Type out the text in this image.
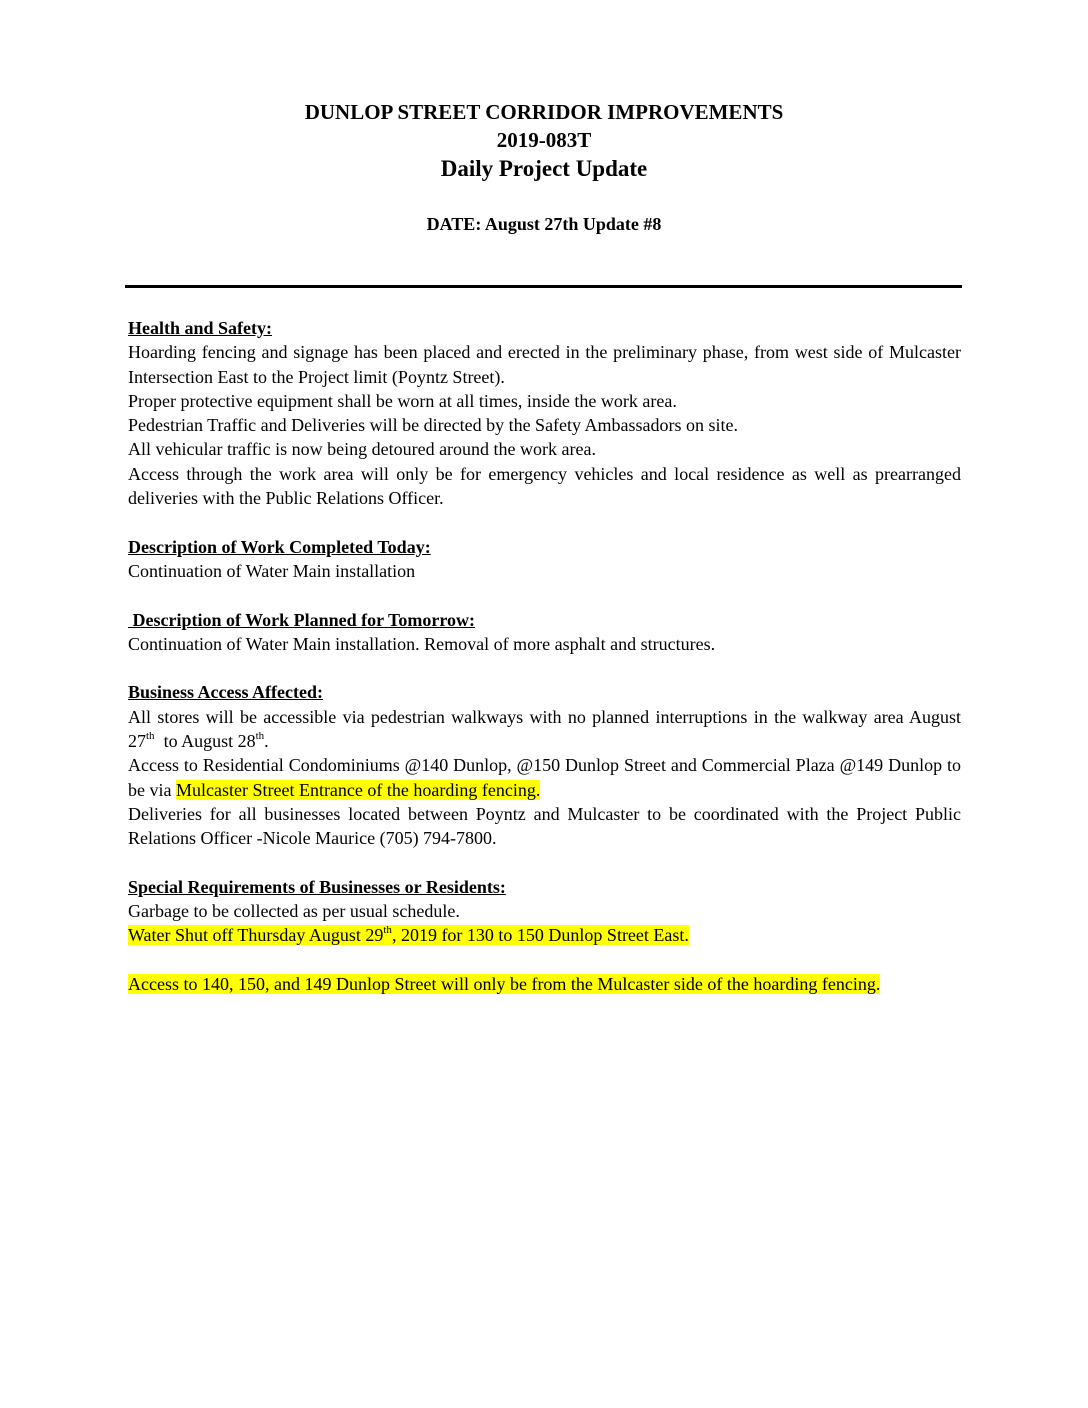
DUNLOP STREET CORRIDOR IMPROVEMENTS
2019-083T
Daily Project Update
DATE: August 27th Update #8
Health and Safety:
Hoarding fencing and signage has been placed and erected in the preliminary phase, from west side of Mulcaster Intersection East to the Project limit (Poyntz Street).
Proper protective equipment shall be worn at all times, inside the work area.
Pedestrian Traffic and Deliveries will be directed by the Safety Ambassadors on site.
All vehicular traffic is now being detoured around the work area.
Access through the work area will only be for emergency vehicles and local residence as well as prearranged deliveries with the Public Relations Officer.
Description of Work Completed Today:
Continuation of Water Main installation
Description of Work Planned for Tomorrow:
Continuation of Water Main installation. Removal of more asphalt and structures.
Business Access Affected:
All stores will be accessible via pedestrian walkways with no planned interruptions in the walkway area August 27th  to August 28th.
Access to Residential Condominiums @140 Dunlop, @150 Dunlop Street and Commercial Plaza @149 Dunlop to be via Mulcaster Street Entrance of the hoarding fencing.
Deliveries for all businesses located between Poyntz and Mulcaster to be coordinated with the Project Public Relations Officer -Nicole Maurice (705) 794-7800.
Special Requirements of Businesses or Residents:
Garbage to be collected as per usual schedule.
Water Shut off Thursday August 29th, 2019 for 130 to 150 Dunlop Street East.
Access to 140, 150, and 149 Dunlop Street will only be from the Mulcaster side of the hoarding fencing.
